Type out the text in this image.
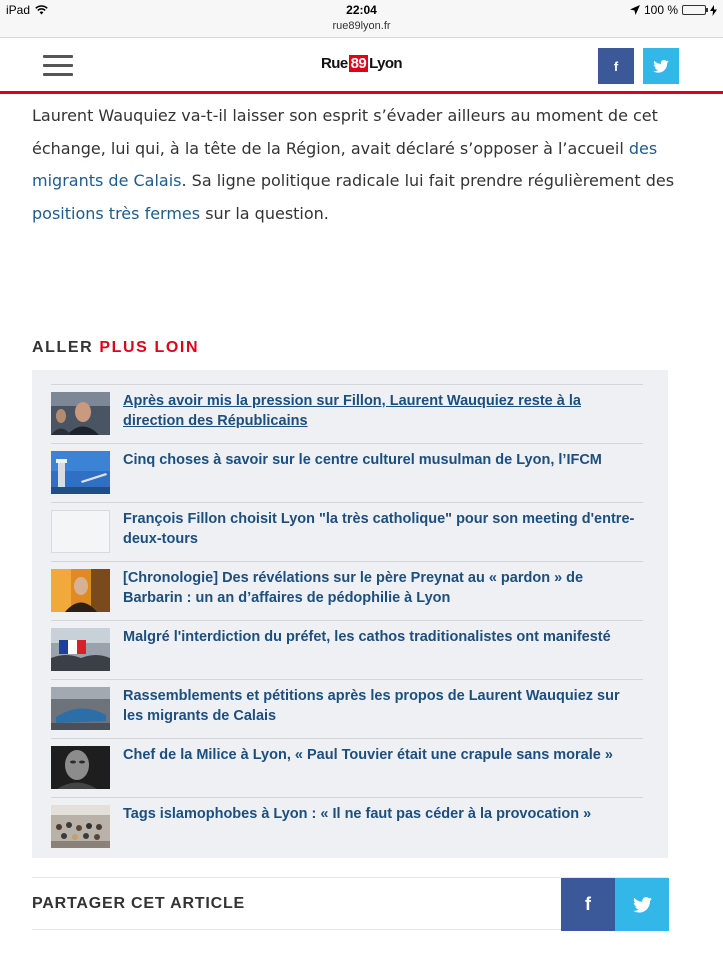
iPad	22:04
rue89lyon.fr
100 %
Rue 89 Lyon	f

Laurent Wauquiez va-t-il laisser son esprit s’évader ailleurs au moment de cet échange, lui qui, à la tête de la Région, avait déclaré s’opposer à l’accueil des migrants de Calais. Sa ligne politique radicale lui fait prendre régulièrement des positions très fermes sur la question.

ALLER PLUS LOIN
Après avoir mis la pression sur Fillon, Laurent Wauquiez reste à la direction des Républicains
Cinq choses à savoir sur le centre culturel musulman de Lyon, l’IFCM
François Fillon choisit Lyon "la très catholique" pour son meeting d'entre-deux-tours
[Chronologie] Des révélations sur le père Preynat au « pardon » de Barbarin : un an d’affaires de pédophilie à Lyon
Malgré l'interdiction du préfet, les cathos traditionalistes ont manifesté
Rassemblements et pétitions après les propos de Laurent Wauquiez sur les migrants de Calais
Chef de la Milice à Lyon, « Paul Touvier était une crapule sans morale »
Tags islamophobes à Lyon : « Il ne faut pas céder à la provocation »
PARTAGER CET ARTICLE	f
